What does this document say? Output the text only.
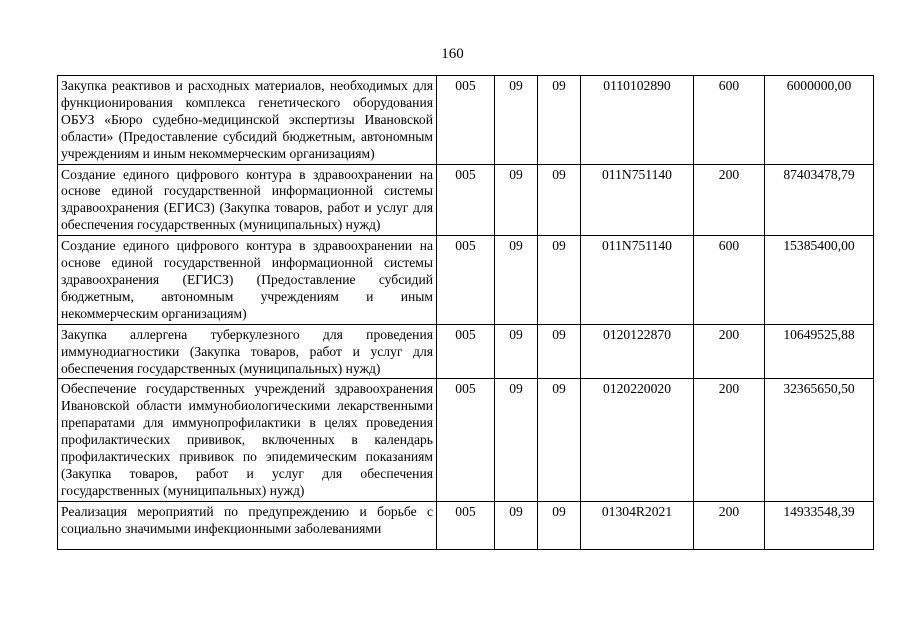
160
Закупка реактивов и расходных материалов, необходимых для функционирования комплекса генетического оборудования ОБУЗ «Бюро судебно-медицинской экспертизы Ивановской области» (Предоставление субсидий бюджетным, автономным учреждениям и иным некоммерческим организациям)	005	09	09	0110102890	600	6000000,00
Создание единого цифрового контура в здравоохранении на основе единой государственной информационной системы здравоохранения (ЕГИСЗ) (Закупка товаров, работ и услуг для обеспечения государственных (муниципальных) нужд)	005	09	09	011N751140	200	87403478,79
Создание единого цифрового контура в здравоохранении на основе единой государственной информационной системы здравоохранения (ЕГИСЗ) (Предоставление субсидий бюджетным, автономным учреждениям и иным некоммерческим организациям)	005	09	09	011N751140	600	15385400,00
Закупка аллергена туберкулезного для проведения иммунодиагностики (Закупка товаров, работ и услуг для обеспечения государственных (муниципальных) нужд)	005	09	09	0120122870	200	10649525,88
Обеспечение государственных учреждений здравоохранения Ивановской области иммунобиологическими лекарственными препаратами для иммунопрофилактики в целях проведения профилактических прививок, включенных в календарь профилактических прививок по эпидемическим показаниям (Закупка товаров, работ и услуг для обеспечения государственных (муниципальных) нужд)	005	09	09	0120220020	200	32365650,50

Реализация мероприятий по предупреждению и борьбе с социально значимыми инфекционными заболеваниями	005	09	09	01304R2021	200	14933548,39
